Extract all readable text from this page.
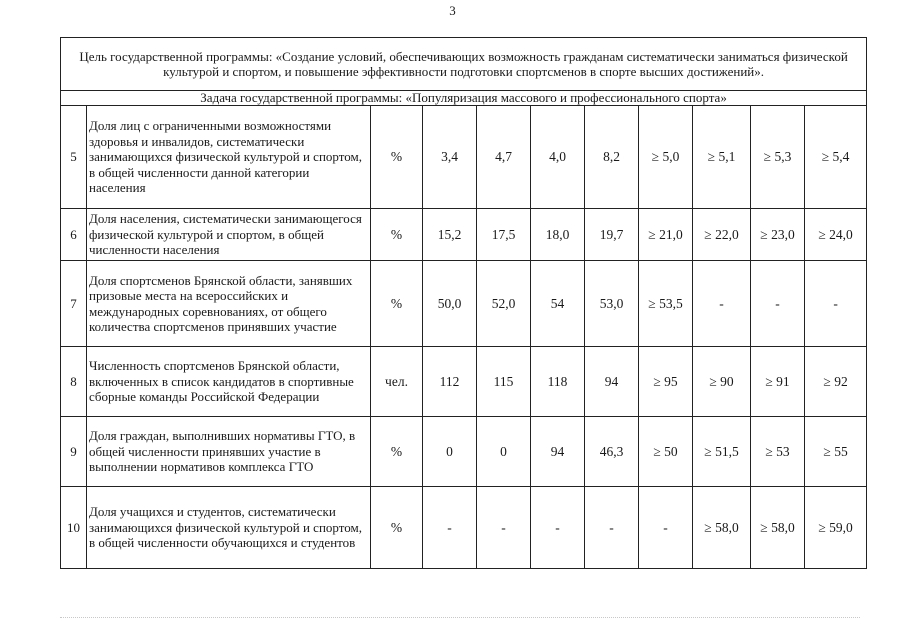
3
Цель государственной программы: «Создание условий, обеспечивающих возможность гражданам систематически заниматься физической культурой и спортом, и повышение эффективности подготовки спортсменов в спорте высших достижений».										
Задача государственной программы: «Популяризация массового и профессионального спорта»										
5	Доля лиц с ограниченными возможностями здоровья и инвалидов, систематически занимающихся физической культурой и спортом, в общей численности данной категории населения	%	3,4	4,7	4,0	8,2	≥ 5,0	≥ 5,1	≥ 5,3	≥ 5,4
6	Доля населения, систематически занимающегося физической культурой и спортом, в общей численности населения	%	15,2	17,5	18,0	19,7	≥ 21,0	≥ 22,0	≥ 23,0	≥ 24,0
7	Доля спортсменов Брянской области, занявших призовые места на всероссийских и международных соревнованиях, от общего количества спортсменов принявших участие	%	50,0	52,0	54	53,0	≥ 53,5	-	-	-
8	Численность спортсменов Брянской области, включенных в список кандидатов в спортивные сборные команды Российской Федерации	чел.	112	115	118	94	≥ 95	≥ 90	≥ 91	≥ 92
9	Доля граждан, выполнивших нормативы ГТО, в общей численности принявших участие в выполнении нормативов комплекса ГТО	%	0	0	94	46,3	≥ 50	≥ 51,5	≥ 53	≥ 55
10	Доля учащихся и студентов, систематически занимающихся физической культурой и спортом, в общей численности обучающихся и студентов	%	-	-	-	-	-	≥ 58,0	≥ 58,0	≥ 59,0
